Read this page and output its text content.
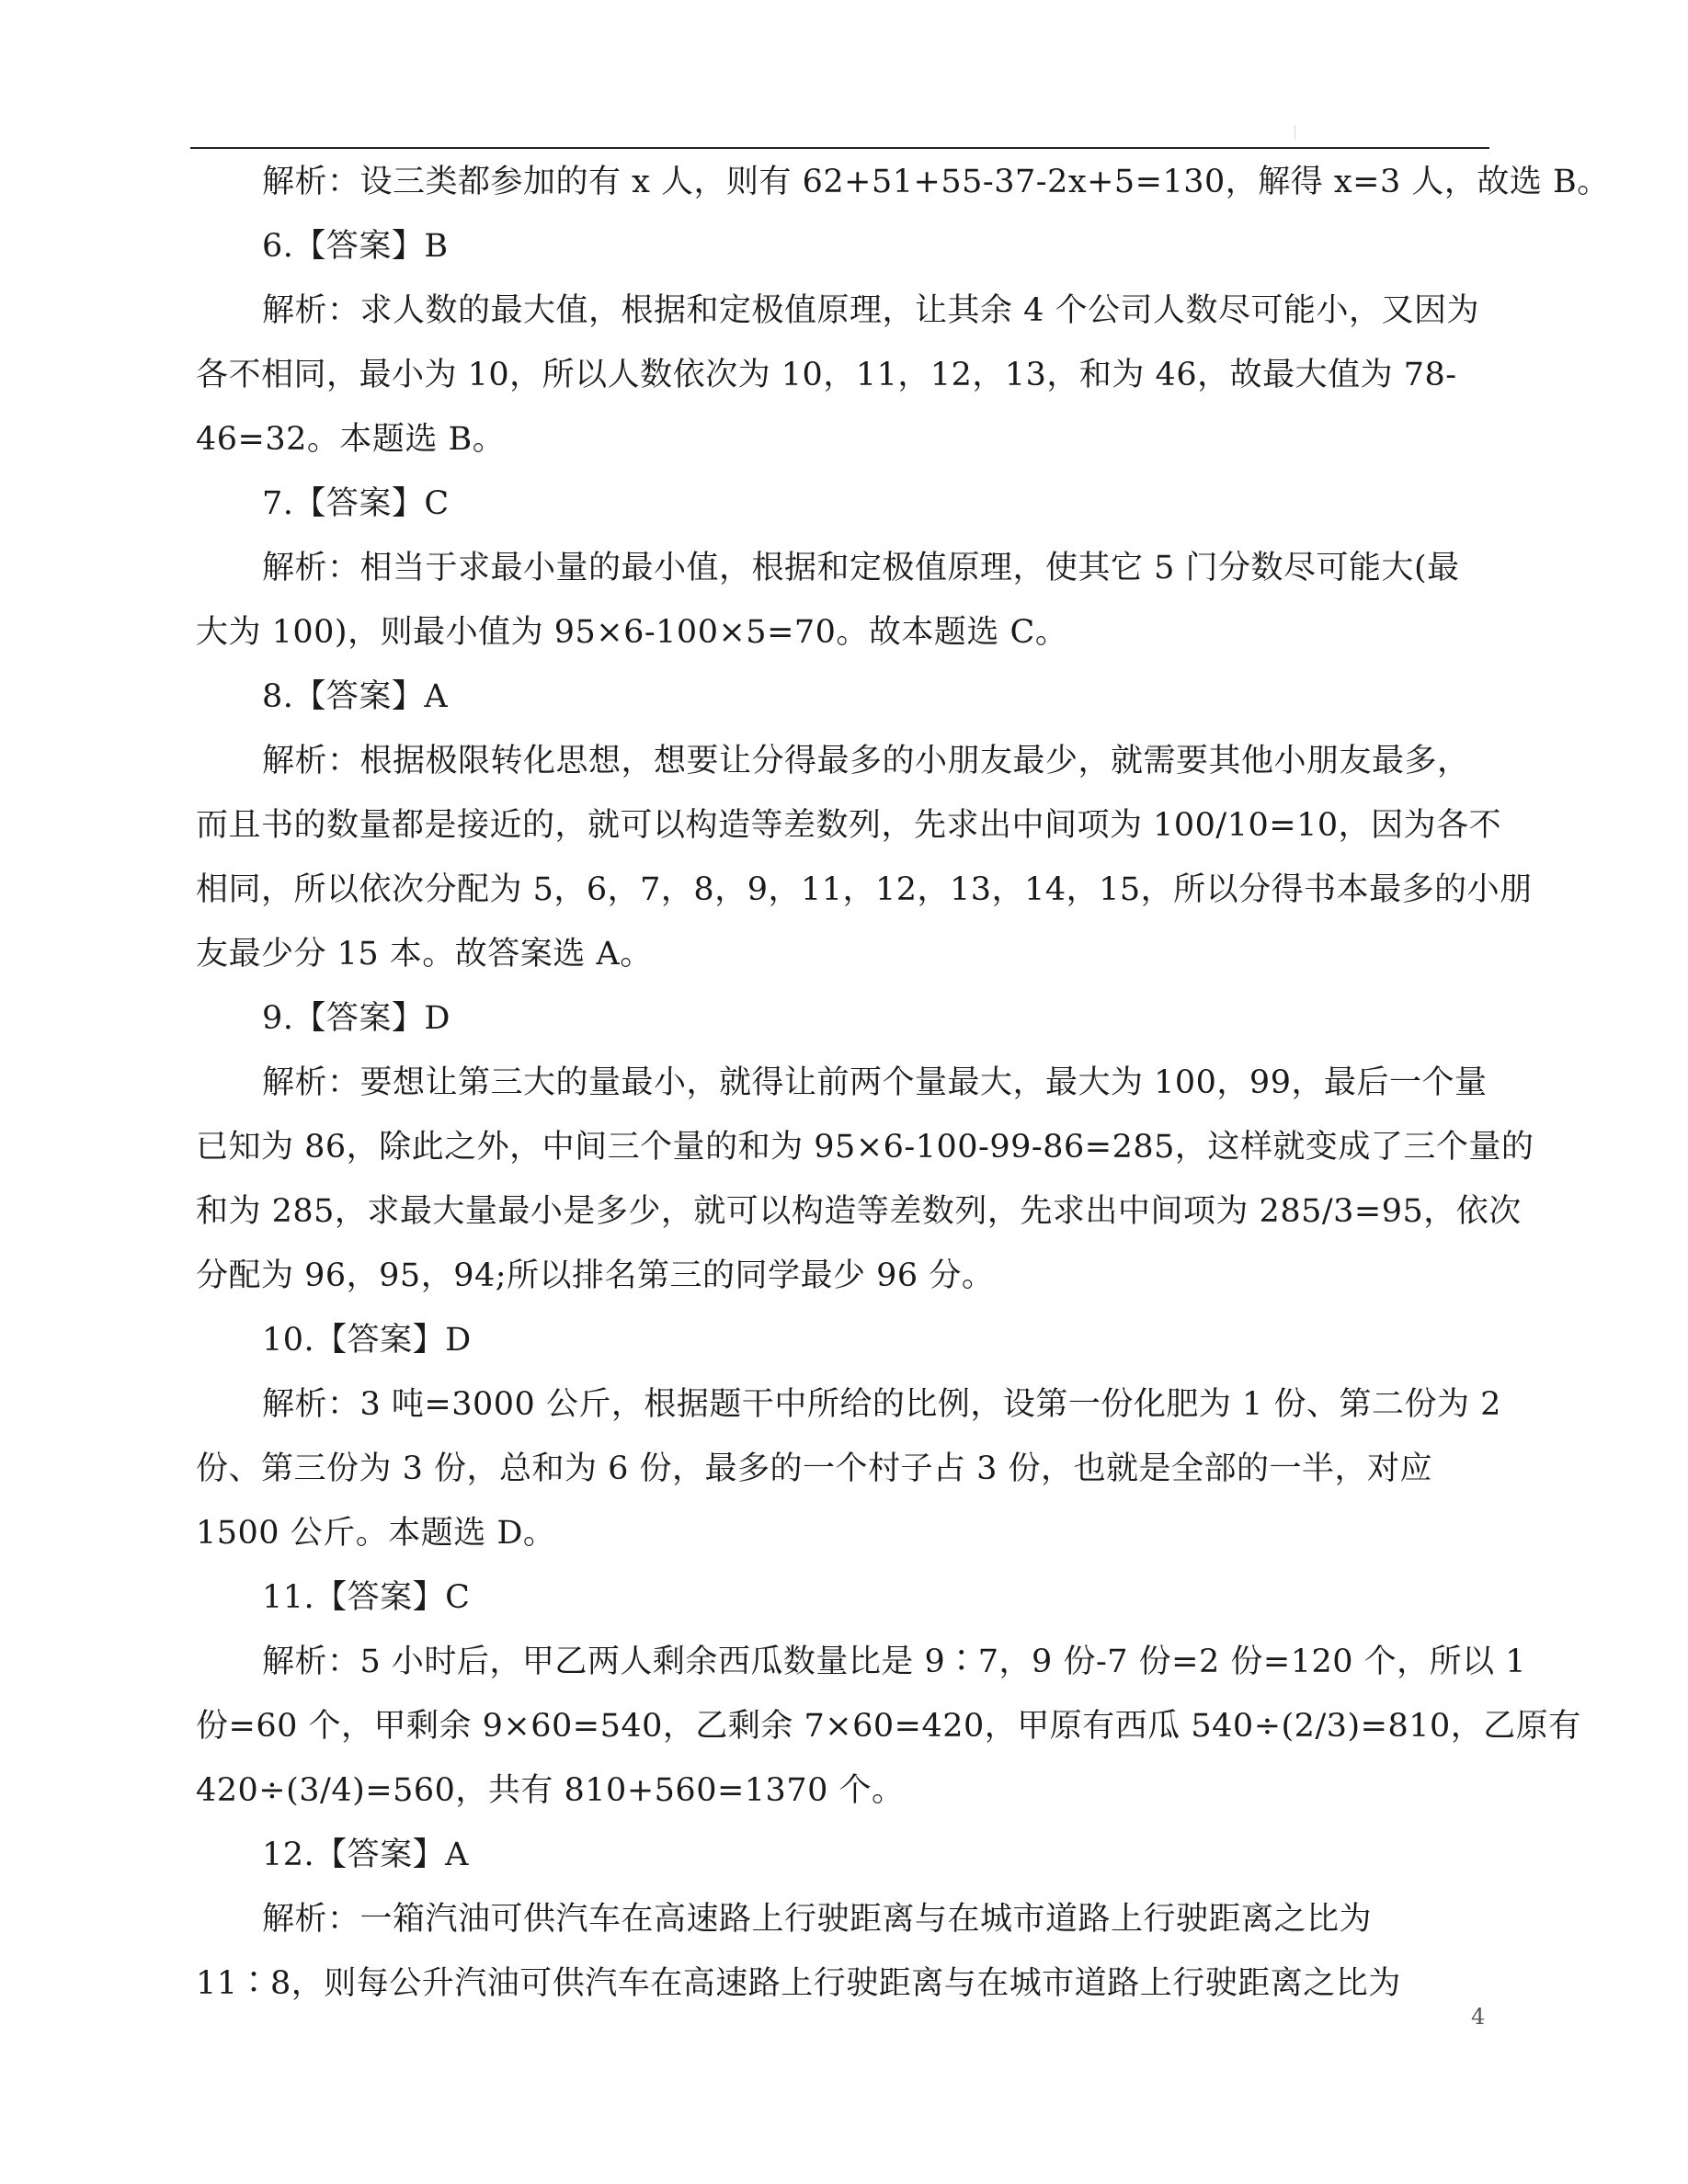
解析：设三类都参加的有 x 人，则有 62+51+55-37-2x+5=130，解得 x=3 人，故选 B。
6.【答案】B
解析：求人数的最大值，根据和定极值原理，让其余 4 个公司人数尽可能小，又因为
各不相同，最小为 10，所以人数依次为 10，11，12，13，和为 46，故最大值为 78-
46=32。本题选 B。
7.【答案】C
解析：相当于求最小量的最小值，根据和定极值原理，使其它 5 门分数尽可能大(最
大为 100)，则最小值为 95×6-100×5=70。故本题选 C。
8.【答案】A
解析：根据极限转化思想，想要让分得最多的小朋友最少，就需要其他小朋友最多，
而且书的数量都是接近的，就可以构造等差数列，先求出中间项为 100/10=10，因为各不
相同，所以依次分配为 5，6，7，8，9，11，12，13，14，15，所以分得书本最多的小朋
友最少分 15 本。故答案选 A。
9.【答案】D
解析：要想让第三大的量最小，就得让前两个量最大，最大为 100，99，最后一个量
已知为 86，除此之外，中间三个量的和为 95×6-100-99-86=285，这样就变成了三个量的
和为 285，求最大量最小是多少，就可以构造等差数列，先求出中间项为 285/3=95，依次
分配为 96，95，94;所以排名第三的同学最少 96 分。
10.【答案】D
解析：3 吨=3000 公斤，根据题干中所给的比例，设第一份化肥为 1 份、第二份为 2
份、第三份为 3 份，总和为 6 份，最多的一个村子占 3 份，也就是全部的一半，对应
1500 公斤。本题选 D。
11.【答案】C
解析：5 小时后，甲乙两人剩余西瓜数量比是 9∶7，9 份-7 份=2 份=120 个，所以 1
份=60 个，甲剩余 9×60=540，乙剩余 7×60=420，甲原有西瓜 540÷(2/3)=810，乙原有
420÷(3/4)=560，共有 810+560=1370 个。
12.【答案】A
解析：一箱汽油可供汽车在高速路上行驶距离与在城市道路上行驶距离之比为
11∶8，则每公升汽油可供汽车在高速路上行驶距离与在城市道路上行驶距离之比为
4
